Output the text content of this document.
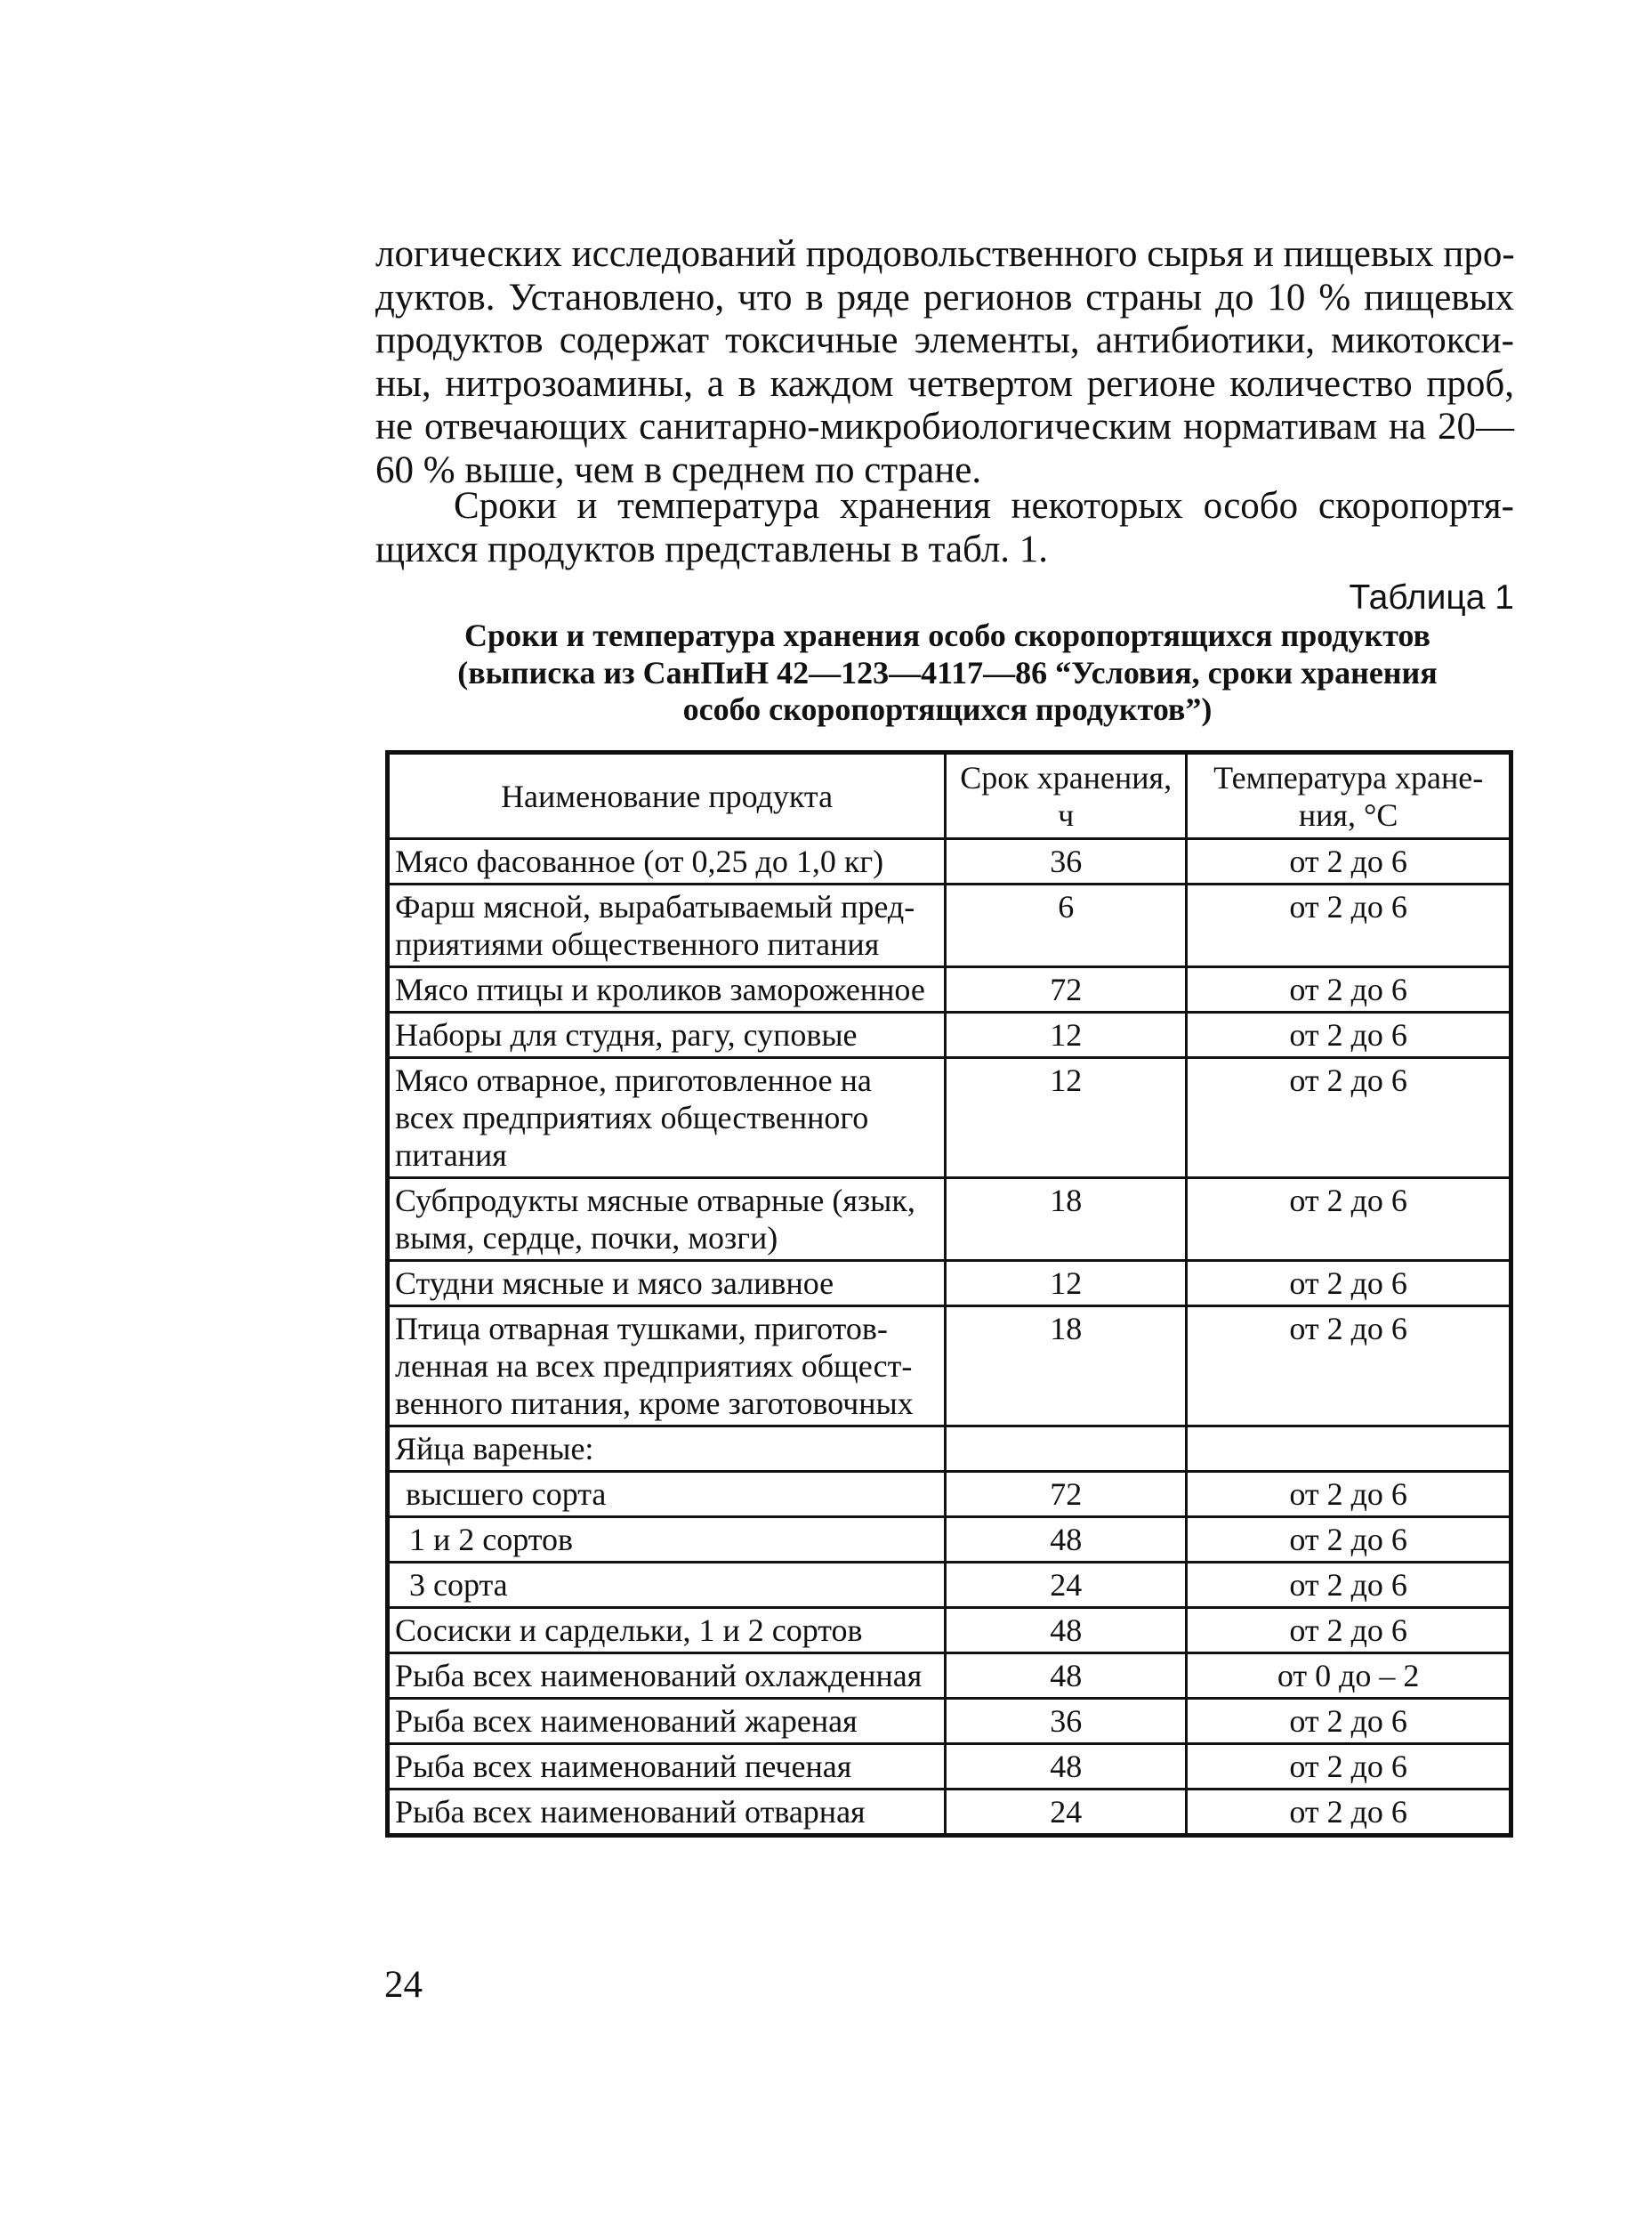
логических исследований продовольственного сырья и пищевых про-
дуктов. Установлено, что в ряде регионов страны до 10 % пищевых
продуктов содержат токсичные элементы, антибиотики, микотокси-
ны, нитрозоамины, а в каждом четвертом регионе количество проб,
не отвечающих санитарно-микробиологическим нормативам на 20—
60 % выше, чем в среднем по стране.
Сроки и температура хранения некоторых особо скоропортя-
щихся продуктов представлены в табл. 1.

Таблица 1

Сроки и температура хранения особо скоропортящихся продуктов
(выписка из СанПиН 42—123—4117—86 “Условия, сроки хранения
особо скоропортящихся продуктов”)
Наименование продукта	Срок хранения, ч	Температура хране- ния, °С
Мясо фасованное (от 0,25 до 1,0 кг)	36	от 2 до 6
Фарш мясной, вырабатываемый пред- приятиями общественного питания	6	от 2 до 6
Мясо птицы и кроликов замороженное	72	от 2 до 6
Наборы для студня, рагу, суповые	12	от 2 до 6
Мясо отварное, приготовленное на всех предприятиях общественного питания	12	от 2 до 6
Субпродукты мясные отварные (язык, вымя, сердце, почки, мозги)	18	от 2 до 6
Студни мясные и мясо заливное	12	от 2 до 6
Птица отварная тушками, приготов- ленная на всех предприятиях общест- венного питания, кроме заготовочных	18	от 2 до 6
Яйца вареные:		
высшего сорта	72	от 2 до 6
1 и 2 сортов	48	от 2 до 6
3 сорта	24	от 2 до 6
Сосиски и сардельки, 1 и 2 сортов	48	от 2 до 6
Рыба всех наименований охлажденная	48	от 0 до – 2
Рыба всех наименований жареная	36	от 2 до 6
Рыба всех наименований печеная	48	от 2 до 6
Рыба всех наименований отварная	24	от 2 до 6

24
